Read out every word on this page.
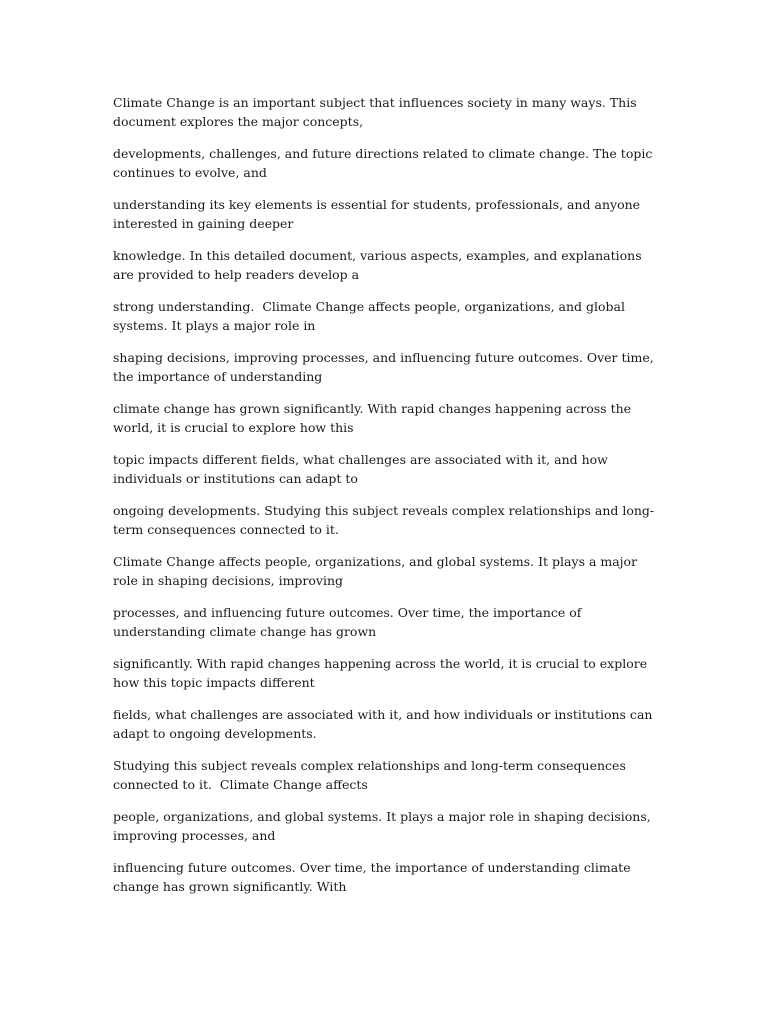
Climate Change is an important subject that influences society in many ways. This document explores the major concepts,

developments, challenges, and future directions related to climate change. The topic continues to evolve, and

understanding its key elements is essential for students, professionals, and anyone interested in gaining deeper

knowledge. In this detailed document, various aspects, examples, and explanations are provided to help readers develop a

strong understanding.  Climate Change affects people, organizations, and global systems. It plays a major role in

shaping decisions, improving processes, and influencing future outcomes. Over time, the importance of understanding

climate change has grown significantly. With rapid changes happening across the world, it is crucial to explore how this

topic impacts different fields, what challenges are associated with it, and how individuals or institutions can adapt to

ongoing developments. Studying this subject reveals complex relationships and long-term consequences connected to it.

Climate Change affects people, organizations, and global systems. It plays a major role in shaping decisions, improving

processes, and influencing future outcomes. Over time, the importance of understanding climate change has grown

significantly. With rapid changes happening across the world, it is crucial to explore how this topic impacts different

fields, what challenges are associated with it, and how individuals or institutions can adapt to ongoing developments.

Studying this subject reveals complex relationships and long-term consequences connected to it.  Climate Change affects

people, organizations, and global systems. It plays a major role in shaping decisions, improving processes, and

influencing future outcomes. Over time, the importance of understanding climate change has grown significantly. With
